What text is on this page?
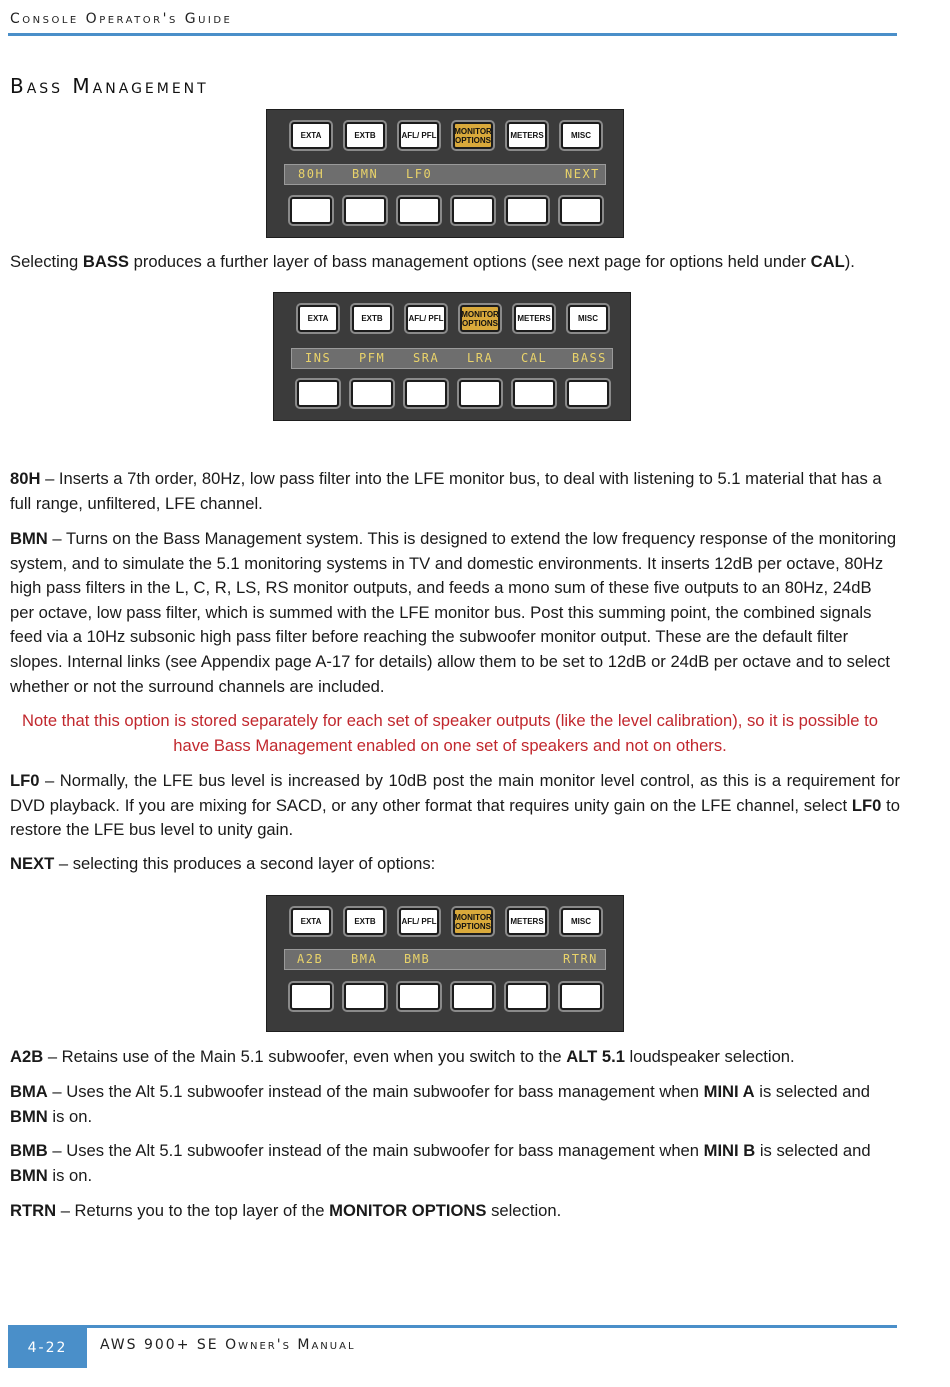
Console Operator's Guide
Bass Management
EXTA	EXTB	AFL/ PFL	MONITOR OPTIONS	METERS	MISC
80H BMN LF0	NEXT

Selecting BASS produces a further layer of bass management options (see next page for options held under CAL).

EXTA	EXTB	AFL/ PFL	MONITOR OPTIONS	METERS	MISC
INS PFM SRA LRA CAL BASS

80H – Inserts a 7th order, 80Hz, low pass filter into the LFE monitor bus, to deal with listening to 5.1 material that has a full range, unfiltered, LFE channel.

BMN – Turns on the Bass Management system. This is designed to extend the low frequency response of the monitoring system, and to simulate the 5.1 monitoring systems in TV and domestic environments. It inserts 12dB per octave, 80Hz high pass filters in the L, C, R, LS, RS monitor outputs, and feeds a mono sum of these five outputs to an 80Hz, 24dB per octave, low pass filter, which is summed with the LFE monitor bus. Post this summing point, the combined signals feed via a 10Hz subsonic high pass filter before reaching the subwoofer monitor output. These are the default filter slopes. Internal links (see Appendix page A-17 for details) allow them to be set to 12dB or 24dB per octave and to select whether or not the surround channels are included.

Note that this option is stored separately for each set of speaker outputs (like the level calibration), so it is possible to have Bass Management enabled on one set of speakers and not on others.

LF0 – Normally, the LFE bus level is increased by 10dB post the main monitor level control, as this is a requirement for DVD playback. If you are mixing for SACD, or any other format that requires unity gain on the LFE channel, select LF0 to restore the LFE bus level to unity gain.

NEXT – selecting this produces a second layer of options:

EXTA	EXTB	AFL/ PFL	MONITOR OPTIONS	METERS	MISC
A2B BMA BMB	RTRN

A2B – Retains use of the Main 5.1 subwoofer, even when you switch to the ALT 5.1 loudspeaker selection.

BMA – Uses the Alt 5.1 subwoofer instead of the main subwoofer for bass management when MINI A is selected and BMN is on.

BMB – Uses the Alt 5.1 subwoofer instead of the main subwoofer for bass management when MINI B is selected and BMN is on.

RTRN – Returns you to the top layer of the MONITOR OPTIONS selection.

4-22	AWS 900+ SE Owner's Manual
